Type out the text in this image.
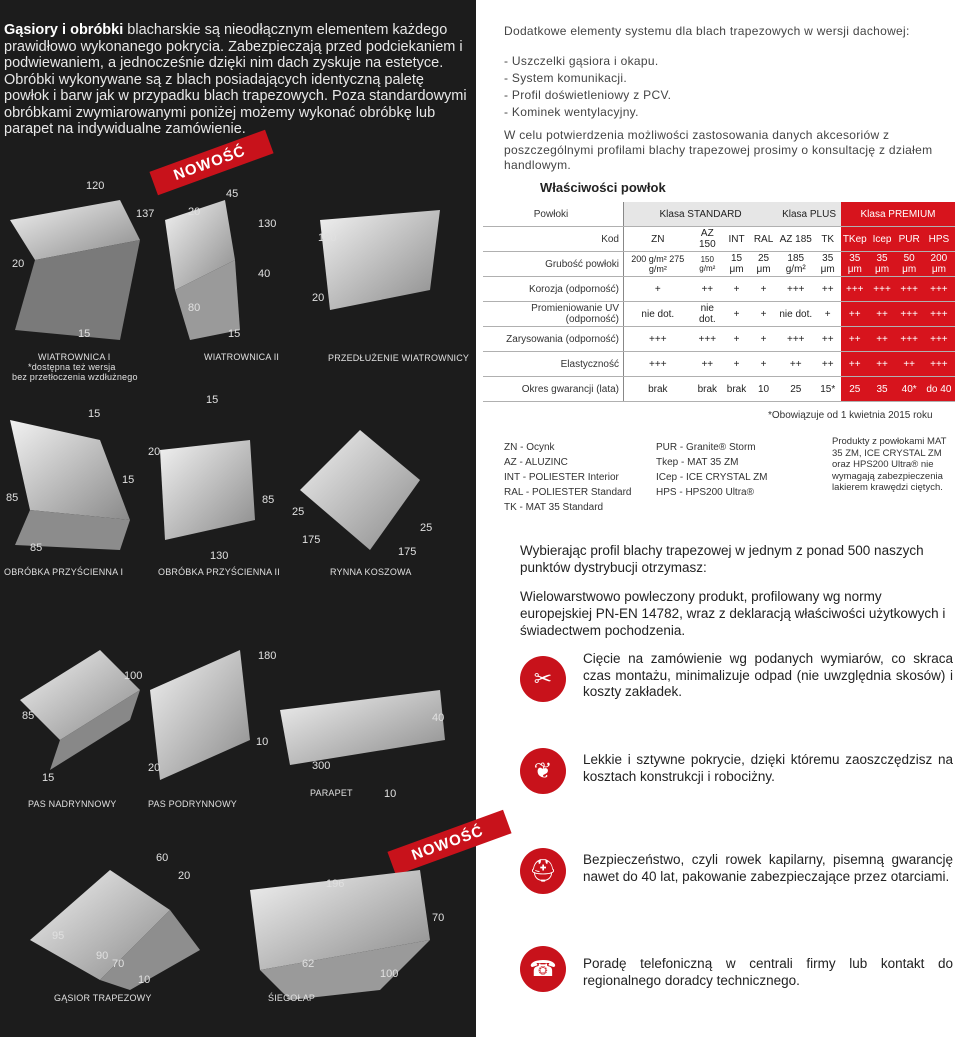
Gąsiory i obróbki blacharskie są nieodłącznym elementem każdego prawidłowo wykonanego pokrycia. Zabezpieczają przed podciekaniem i podwiewaniem, a jednocześnie dzięki nim dach zyskuje na estetyce. Obróbki wykonywane są z blach posiadających identyczną paletę powłok i barw jak w przypadku blach trapezowych. Poza standardowymi obróbkami zwymiarowanymi poniżej możemy wykonać obróbkę lub parapet na indywidualne zamówienie.
NOWOŚĆ
120
137
20
15
20
45
130
40
80
15
180
20
WIATROWNICA I
*dostępna też wersja
bez przetłoczenia wzdłużnego
WIATROWNICA II	PRZEDŁUŻENIE WIATROWNICY
15
85
15
20
15
85
85
130
25
175
25
175
OBRÓBKA PRZYŚCIENNA I	OBRÓBKA PRZYŚCIENNA II	RYNNA KOSZOWA
100
180
85
15
20
10
40
300
10
PAS NADRYNNOWY	PAS PODRYNNOWY
PARAPET
NOWOŚĆ
60
20
95
90
70
10
196
70
62
100
GĄSIOR TRAPEZOWY	ŚIEGOŁAP
Dodatkowe elementy systemu dla blach trapezowych w wersji dachowej:
- Uszczelki gąsiora i okapu.
- System komunikacji.
- Profil doświetleniowy z PCV.
- Kominek wentylacyjny.
W celu potwierdzenia możliwości zastosowania danych akcesoriów z poszczególnymi profilami blachy trapezowej prosimy o konsultację z działem handlowym.
Właściwości powłok
Powłoki	Klasa STANDARD				Klasa PLUS		Klasa PREMIUM			
Kod	ZN	AZ 150	INT	RAL	AZ 185	TK	TKep	Icep	PUR	HPS
Grubość powłoki	200 g/m² 275 g/m²	150 g/m²	15 μm	25 μm	185 g/m²	35 μm	35 μm	35 μm	50 μm	200 μm
Korozja (odporność)	+	++	+	+	+++	++	+++	+++	+++	+++
Promieniowanie UV (odporność)	nie dot.	nie dot.	+	+	nie dot.	+	++	++	+++	+++
Zarysowania (odporność)	+++	+++	+	+	+++	++	++	++	+++	+++
Elastyczność	+++	++	+	+	++	++	++	++	++	+++
Okres gwarancji (lata)	brak	brak	brak	10	25	15*	25	35	40*	do 40
*Obowiązuje od 1 kwietnia 2015 roku
ZN - Ocynk
AZ - ALUZINC
INT - POLIESTER Interior
RAL - POLIESTER Standard
TK - MAT 35 Standard
PUR - Granite® Storm
Tkep - MAT 35 ZM
ICep - ICE CRYSTAL ZM
HPS - HPS200 Ultra®
Produkty z powłokami MAT 35 ZM, ICE CRYSTAL ZM oraz HPS200 Ultra® nie wymagają zabezpieczenia lakierem krawędzi ciętych.
Wybierając profil blachy trapezowej w jednym z ponad 500 naszych punktów dystrybucji otrzymasz:
Wielowarstwowo powleczony produkt, profilowany wg normy europejskiej PN-EN 14782, wraz z deklaracją właściwości użytkowych i świadectwem pochodzenia.
✂
Cięcie na zamówienie wg podanych wymiarów, co skraca czas montażu, minimalizuje odpad (nie uwzględnia skosów) i koszty zakładek.
❦	Lekkie i sztywne pokrycie, dzięki któremu zaoszczędzisz na kosztach konstrukcji i robociżny.
⛑	Bezpieczeństwo, czyli rowek kapilarny, pisemną gwarancję nawet do 40 lat, pakowanie zabezpieczające przez otarciami.
☎	Poradę telefoniczną w centrali firmy lub kontakt do regionalnego doradcy technicznego.
